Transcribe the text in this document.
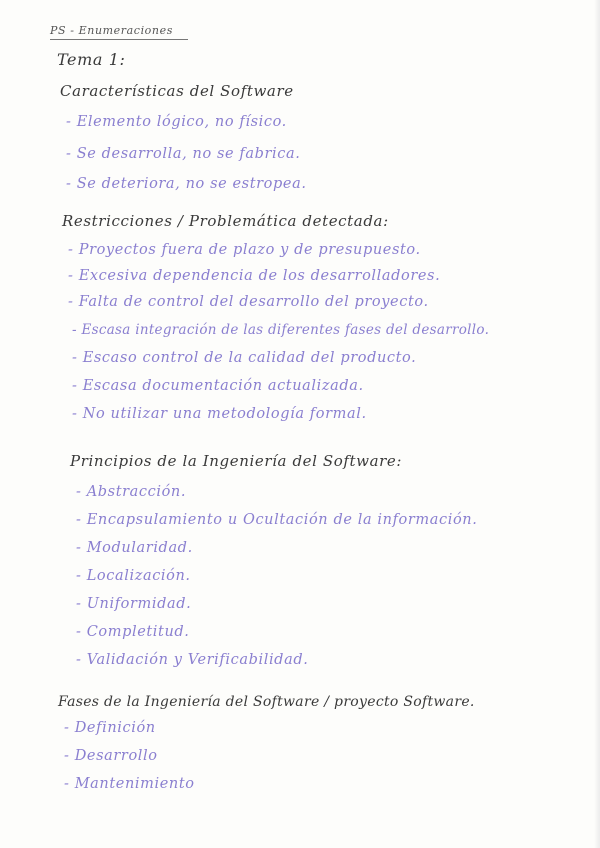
PS - Enumeraciones
Tema 1:
Características del Software
- Elemento lógico, no físico.
- Se desarrolla, no se fabrica.
- Se deteriora, no se estropea.
Restricciones / Problemática detectada:
- Proyectos fuera de plazo y de presupuesto.
- Excesiva dependencia de los desarrolladores.
- Falta de control del desarrollo del proyecto.
- Escasa integración de las diferentes fases del desarrollo.
- Escaso control de la calidad del producto.
- Escasa documentación actualizada.
- No utilizar una metodología formal.
Principios de la Ingeniería del Software:
- Abstracción.
- Encapsulamiento u Ocultación de la información.
- Modularidad.
- Localización.
- Uniformidad.
- Completitud.
- Validación y Verificabilidad.
Fases de la Ingeniería del Software / proyecto Software.
- Definición
- Desarrollo
- Mantenimiento
